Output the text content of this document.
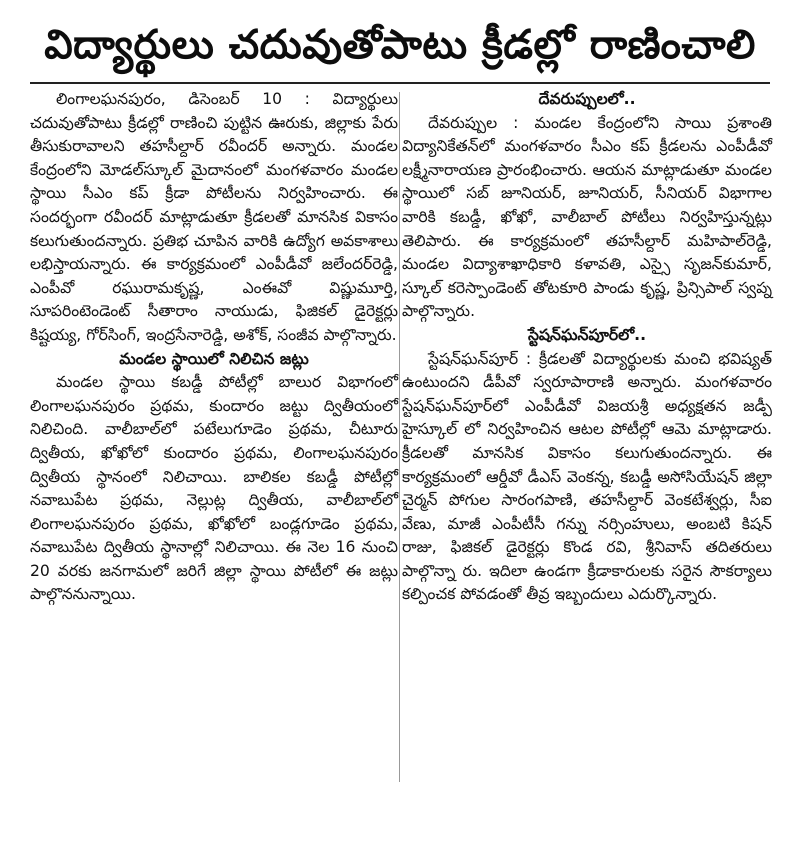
విద్యార్థులు చదువుతోపాటు క్రీడల్లో రాణించాలి

లింగాలఘనపురం, డిసెంబర్ 10 : విద్యార్థులు చదువుతోపాటు క్రీడల్లో రాణించి పుట్టిన ఊరుకు, జిల్లాకు పేరు తీసుకురావాలని తహసీల్దార్ రవీందర్ అన్నారు. మండల కేంద్రంలోని మోడల్‌స్కూల్ మైదానంలో మంగళవారం మండల స్థాయి సీఎం కప్ క్రీడా పోటీలను నిర్వహించారు. ఈ సందర్భంగా రవీందర్ మాట్లాడుతూ క్రీడలతో మానసిక వికాసం కలుగుతుందన్నారు. ప్రతిభ చూపిన వారికి ఉద్యోగ అవకాశాలు లభిస్తాయన్నారు. ఈ కార్యక్రమంలో ఎంపీడీవో జలేందర్‌రెడ్డి, ఎంపీవో రఘురామకృష్ణ, ఎంఈవో విష్ణుమూర్తి, సూపరింటెండెంట్ సీతారాం నాయుడు, ఫిజికల్ డైరెక్టర్లు కిష్టయ్య, గోర్‌సింగ్, ఇంద్రసేనారెడ్డి, అశోక్, సంజీవ పాల్గొన్నారు.

మండల స్థాయిలో నిలిచిన జట్లు

మండల స్థాయి కబడ్డీ పోటీల్లో బాలుర విభాగంలో లింగాలఘనపురం ప్రథమ, కుందారం జట్టు ద్వితీయంలో నిలిచింది. వాలీబాల్‌లో పటేలుగూడెం ప్రథమ, చీటూరు ద్వితీయ, ఖోఖోలో కుందారం ప్రథమ, లింగాలఘనపురం ద్వితీయ స్థానంలో నిలిచాయి. బాలికల కబడ్డీ పోటీల్లో నవాబుపేట ప్రథమ, నెల్లుట్ల ద్వితీయ, వాలీబాల్‌లో లింగాలఘనపురం ప్రథమ, ఖోఖోలో బండ్లగూడెం ప్రథమ, నవాబుపేట ద్వితీయ స్థానాల్లో నిలిచాయి. ఈ నెల 16 నుంచి 20 వరకు జనగామలో జరిగే జిల్లా స్థాయి పోటీలో ఈ జట్లు పాల్గొననున్నాయి.

దేవరుప్పులలో..

దేవరుప్పుల : మండల కేంద్రంలోని సాయి ప్రశాంతి విద్యానికేతన్‌లో మంగళవారం సీఎం కప్ క్రీడలను ఎంపీడీవో లక్ష్మీనారాయణ ప్రారంభించారు. ఆయన మాట్లాడుతూ మండల స్థాయిలో సబ్ జూనియర్, జూనియర్, సీనియర్ విభాగాల వారికి కబడ్డీ, ఖోఖో, వాలీబాల్ పోటీలు నిర్వహిస్తున్నట్లు తెలిపారు. ఈ కార్యక్రమంలో తహసీల్దార్ మహిపాల్‌రెడ్డి, మండల విద్యాశాఖాధికారి కళావతి, ఎస్సై సృజన్‌కుమార్, స్కూల్ కరెస్పాండెంట్ తోటకూరి పాండు కృష్ణ, ప్రిన్సిపాల్ స్వప్న పాల్గొన్నారు.

స్టేషన్‌ఘన్‌పూర్‌లో..

స్టేషన్‌ఘన్‌పూర్ : క్రీడలతో విద్యార్థులకు మంచి భవిష్యత్ ఉంటుందని డీపీవో స్వరూపారాణి అన్నారు. మంగళవారం స్టేషన్‌ఘన్‌పూర్‌లో ఎంపీడీవో విజయశ్రీ అధ్యక్షతన జడ్పీ హైస్కూల్ లో నిర్వహించిన ఆటల పోటీల్లో ఆమె మాట్లాడారు. క్రీడలతో మానసిక వికాసం కలుగుతుందన్నారు. ఈ కార్యక్రమంలో ఆర్డీవో డీఎస్ వెంకన్న, కబడ్డీ అసోసియేషన్ జిల్లా చైర్మన్ పోగుల సారంగపాణి, తహసీల్దార్ వెంకటేశ్వర్లు, సీఐ వేణు, మాజీ ఎంపీటీసీ గన్ను నర్సింహులు, అంబటి కిషన్ రాజు, ఫిజికల్ డైరెక్టర్లు కొండ రవి, శ్రీనివాస్ తదితరులు పాల్గొన్నా రు. ఇదిలా ఉండగా క్రీడాకారులకు సరైన సౌకర్యాలు కల్పించక పోవడంతో తీవ్ర ఇబ్బందులు ఎదుర్కొన్నారు.
